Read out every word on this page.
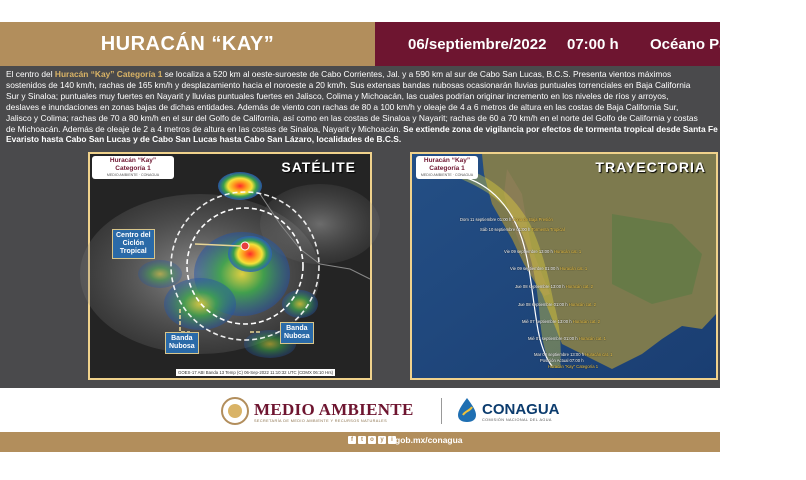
HURACÁN “KAY”	06/septiembre/2022 07:00 h Océano Pacífico
El centro del Huracán “Kay” Categoría 1 se localiza a 520 km al oeste-suroeste de Cabo Corrientes, Jal. y a 590 km al sur de Cabo San Lucas, B.C.S. Presenta vientos máximos
sostenidos de 140 km/h, rachas de 165 km/h y desplazamiento hacia el noroeste a 20 km/h. Sus extensas bandas nubosas ocasionarán lluvias puntuales torrenciales en Baja California
Sur y Sinaloa; puntuales muy fuertes en Nayarit y lluvias puntuales fuertes en Jalisco, Colima y Michoacán, las cuales podrían originar incremento en los niveles de ríos y arroyos,
deslaves e inundaciones en zonas bajas de dichas entidades. Además de viento con rachas de 80 a 100 km/h y oleaje de 4 a 6 metros de altura en las costas de Baja California Sur,
Jalisco y Colima; rachas de 70 a 80 km/h en el sur del Golfo de California, así como en las costas de Sinaloa y Nayarit; rachas de 60 a 70 km/h en el norte del Golfo de California y costas
de Michoacán. Además de oleaje de 2 a 4 metros de altura en las costas de Sinaloa, Nayarit y Michoacán. Se extiende zona de vigilancia por efectos de tormenta tropical desde Santa Fe
Evaristo hasta Cabo San Lucas y de Cabo San Lucas hasta Cabo San Lázaro, localidades de B.C.S.
Huracán “Kay”
Categoría 1
MEDIO AMBIENTE · CONAGUA	SATÉLITE
Centro del
Ciclón
Tropical
Banda
Nubosa
Banda
Nubosa
GOES-17 ABI Banda 13 Temp (C) 06-Sep-2022 11:10:32 UTC (CDMX 06:10 Hrs)
Huracán “Kay”
Categoría 1
MEDIO AMBIENTE · CONAGUA	TRAYECTORIA
Dom 11 septiembre 01:00 h Zona de Baja Presión
Sáb 10 septiembre 01:00 h Tormenta Tropical
Vie 09 septiembre 13:00 h Huracán cat. 1
Vie 09 septiembre 01:00 h Huracán cat. 1
Jue 08 septiembre 13:00 h Huracán cat. 2
Jue 08 septiembre 01:00 h Huracán cat. 2
Mié 07 septiembre 13:00 h Huracán cat. 2
Mié 07 septiembre 01:00 h Huracán cat. 1
Mar 06 septiembre 13:00 h Huracán cat. 1
Posición Actual 07:00 h
Huracán “Kay” Categoría 1
MEDIO AMBIENTE
SECRETARÍA DE MEDIO AMBIENTE Y RECURSOS NATURALES
CONAGUA
COMISIÓN NACIONAL DEL AGUA
f	t	o	y	i gob.mx/conagua
